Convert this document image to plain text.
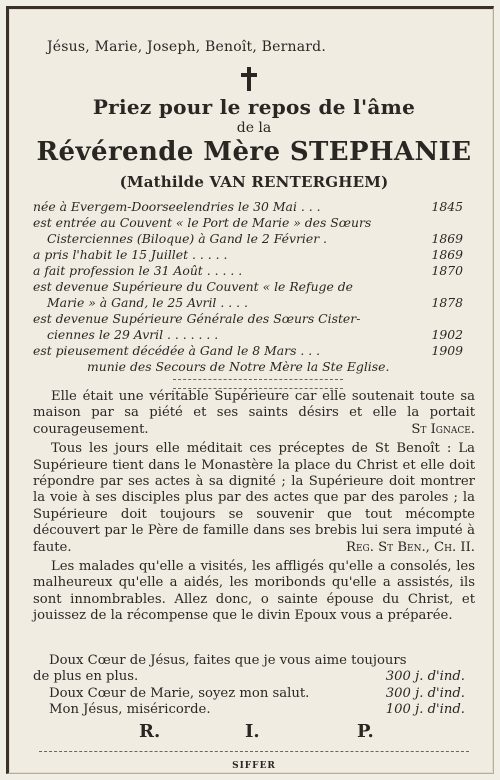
Jésus, Marie, Joseph, Benoît, Bernard.
Priez pour le repos de l'âme
de la
Révérende Mère STEPHANIE
(Mathilde VAN RENTERGHEM)
née à Evergem-Doorseelendries le 30 Mai . . .	1845
est entrée au Couvent « le Port de Marie » des Sœurs
Cisterciennes (Biloque) à Gand le 2 Février .	1869
a pris l'habit le 15 Juillet . . . . .	1869
a fait profession le 31 Août . . . . .	1870
est devenue Supérieure du Couvent « le Refuge de
Marie » à Gand, le 25 Avril . . . .	1878
est devenue Supérieure Générale des Sœurs Cister-
ciennes le 29 Avril . . . . . . .	1902
est pieusement décédée à Gand le 8 Mars . . .	1909
munie des Secours de Notre Mère la Ste Eglise.

Elle était une véritable Supérieure car elle soutenait toute sa maison par sa piété et ses saints désirs et elle la portait courageusement.	St Ignace.

Tous les jours elle méditait ces préceptes de St Benoît : La Supérieure tient dans le Monastère la place du Christ et elle doit répondre par ses actes à sa dignité ; la Supérieure doit montrer la voie à ses disciples plus par des actes que par des paroles ; la Supérieure doit toujours se souvenir que tout mécompte découvert par le Père de famille dans ses brebis lui sera imputé à faute.	Reg. St Ben., Ch. II.

Les malades qu'elle a visités, les affligés qu'elle a consolés, les malheureux qu'elle a aidés, les moribonds qu'elle a assistés, ils sont innombrables. Allez donc, o sainte épouse du Christ, et jouissez de la récompense que le divin Epoux vous a préparée.

Doux Cœur de Jésus, faites que je vous aime toujours
de plus en plus.	300 j. d'ind.
Doux Cœur de Marie, soyez mon salut.	300 j. d'ind.
Mon Jésus, miséricorde.	100 j. d'ind.
R.	I.	P.
SIFFER
